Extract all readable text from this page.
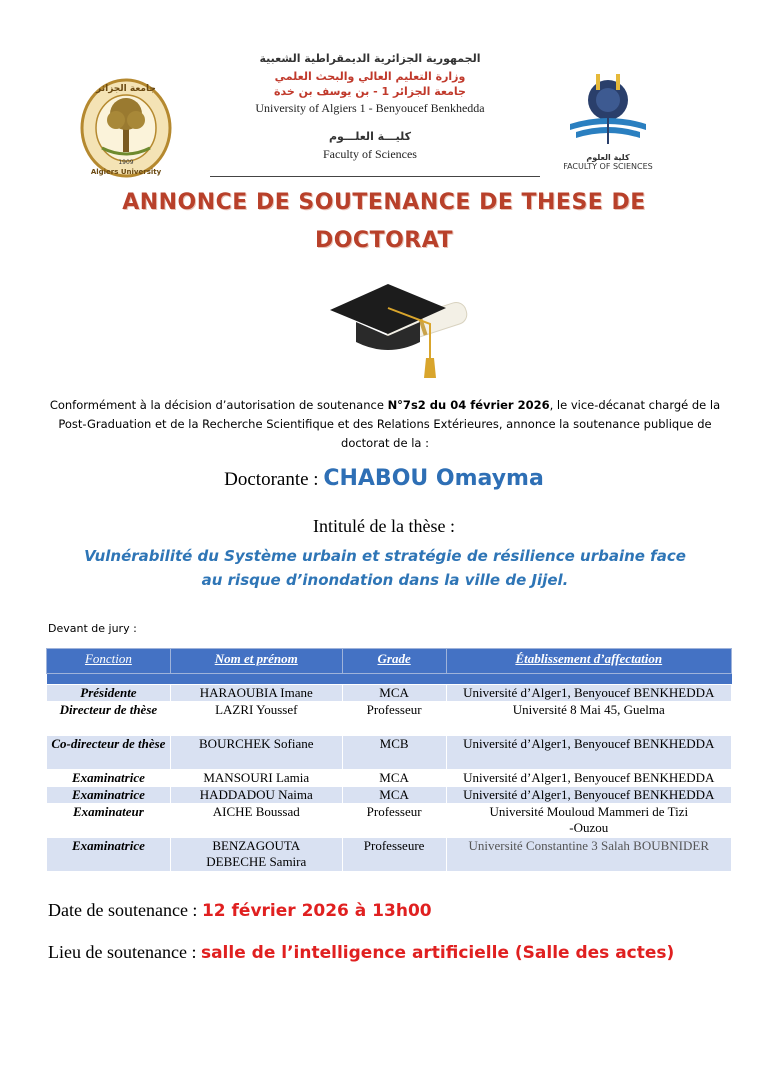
1909
جامعة الجزائر
Algiers University
الجمهورية الجزائرية الديمقراطية الشعبية
وزارة التعليم العالي والبحث العلمي
جامعة الجزائر 1 - بن يوسف بن خدة
University of Algiers 1 - Benyoucef Benkhedda
كليـــة العلـــوم
Faculty of Sciences	كلية العلوم
FACULTY OF SCIENCES
ANNONCE DE SOUTENANCE DE THESE DE
DOCTORAT
Conformément à la décision d’autorisation de soutenance N°7s2 du 04 février 2026, le vice-décanat chargé de la Post-Graduation et de la Recherche Scientifique et des Relations Extérieures, annonce la soutenance publique de doctorat de la :
Doctorante : CHABOU Omayma
Intitulé de la thèse :
Vulnérabilité du Système urbain et stratégie de résilience urbaine face
au risque d’inondation dans la ville de Jijel.
Devant de jury :
Fonction	Nom et prénom	Grade	Établissement d’affectation

Présidente	HARAOUBIA Imane	MCA	Université d’Alger1, Benyoucef BENKHEDDA
Directeur de thèse	LAZRI Youssef	Professeur	Université 8 Mai 45, Guelma
Co-directeur de thèse	BOURCHEK Sofiane	MCB	Université d’Alger1, Benyoucef BENKHEDDA
Examinatrice	MANSOURI Lamia	MCA	Université d’Alger1, Benyoucef BENKHEDDA
Examinatrice	HADDADOU Naima	MCA	Université d’Alger1, Benyoucef BENKHEDDA
Examinateur	AICHE Boussad	Professeur	Université Mouloud Mammeri de Tizi -Ouzou
Examinatrice	BENZAGOUTA DEBECHE Samira	Professeure	Université Constantine 3 Salah BOUBNIDER
Date de soutenance : 12 février 2026 à 13h00
Lieu de soutenance : salle de l’intelligence artificielle (Salle des actes)
